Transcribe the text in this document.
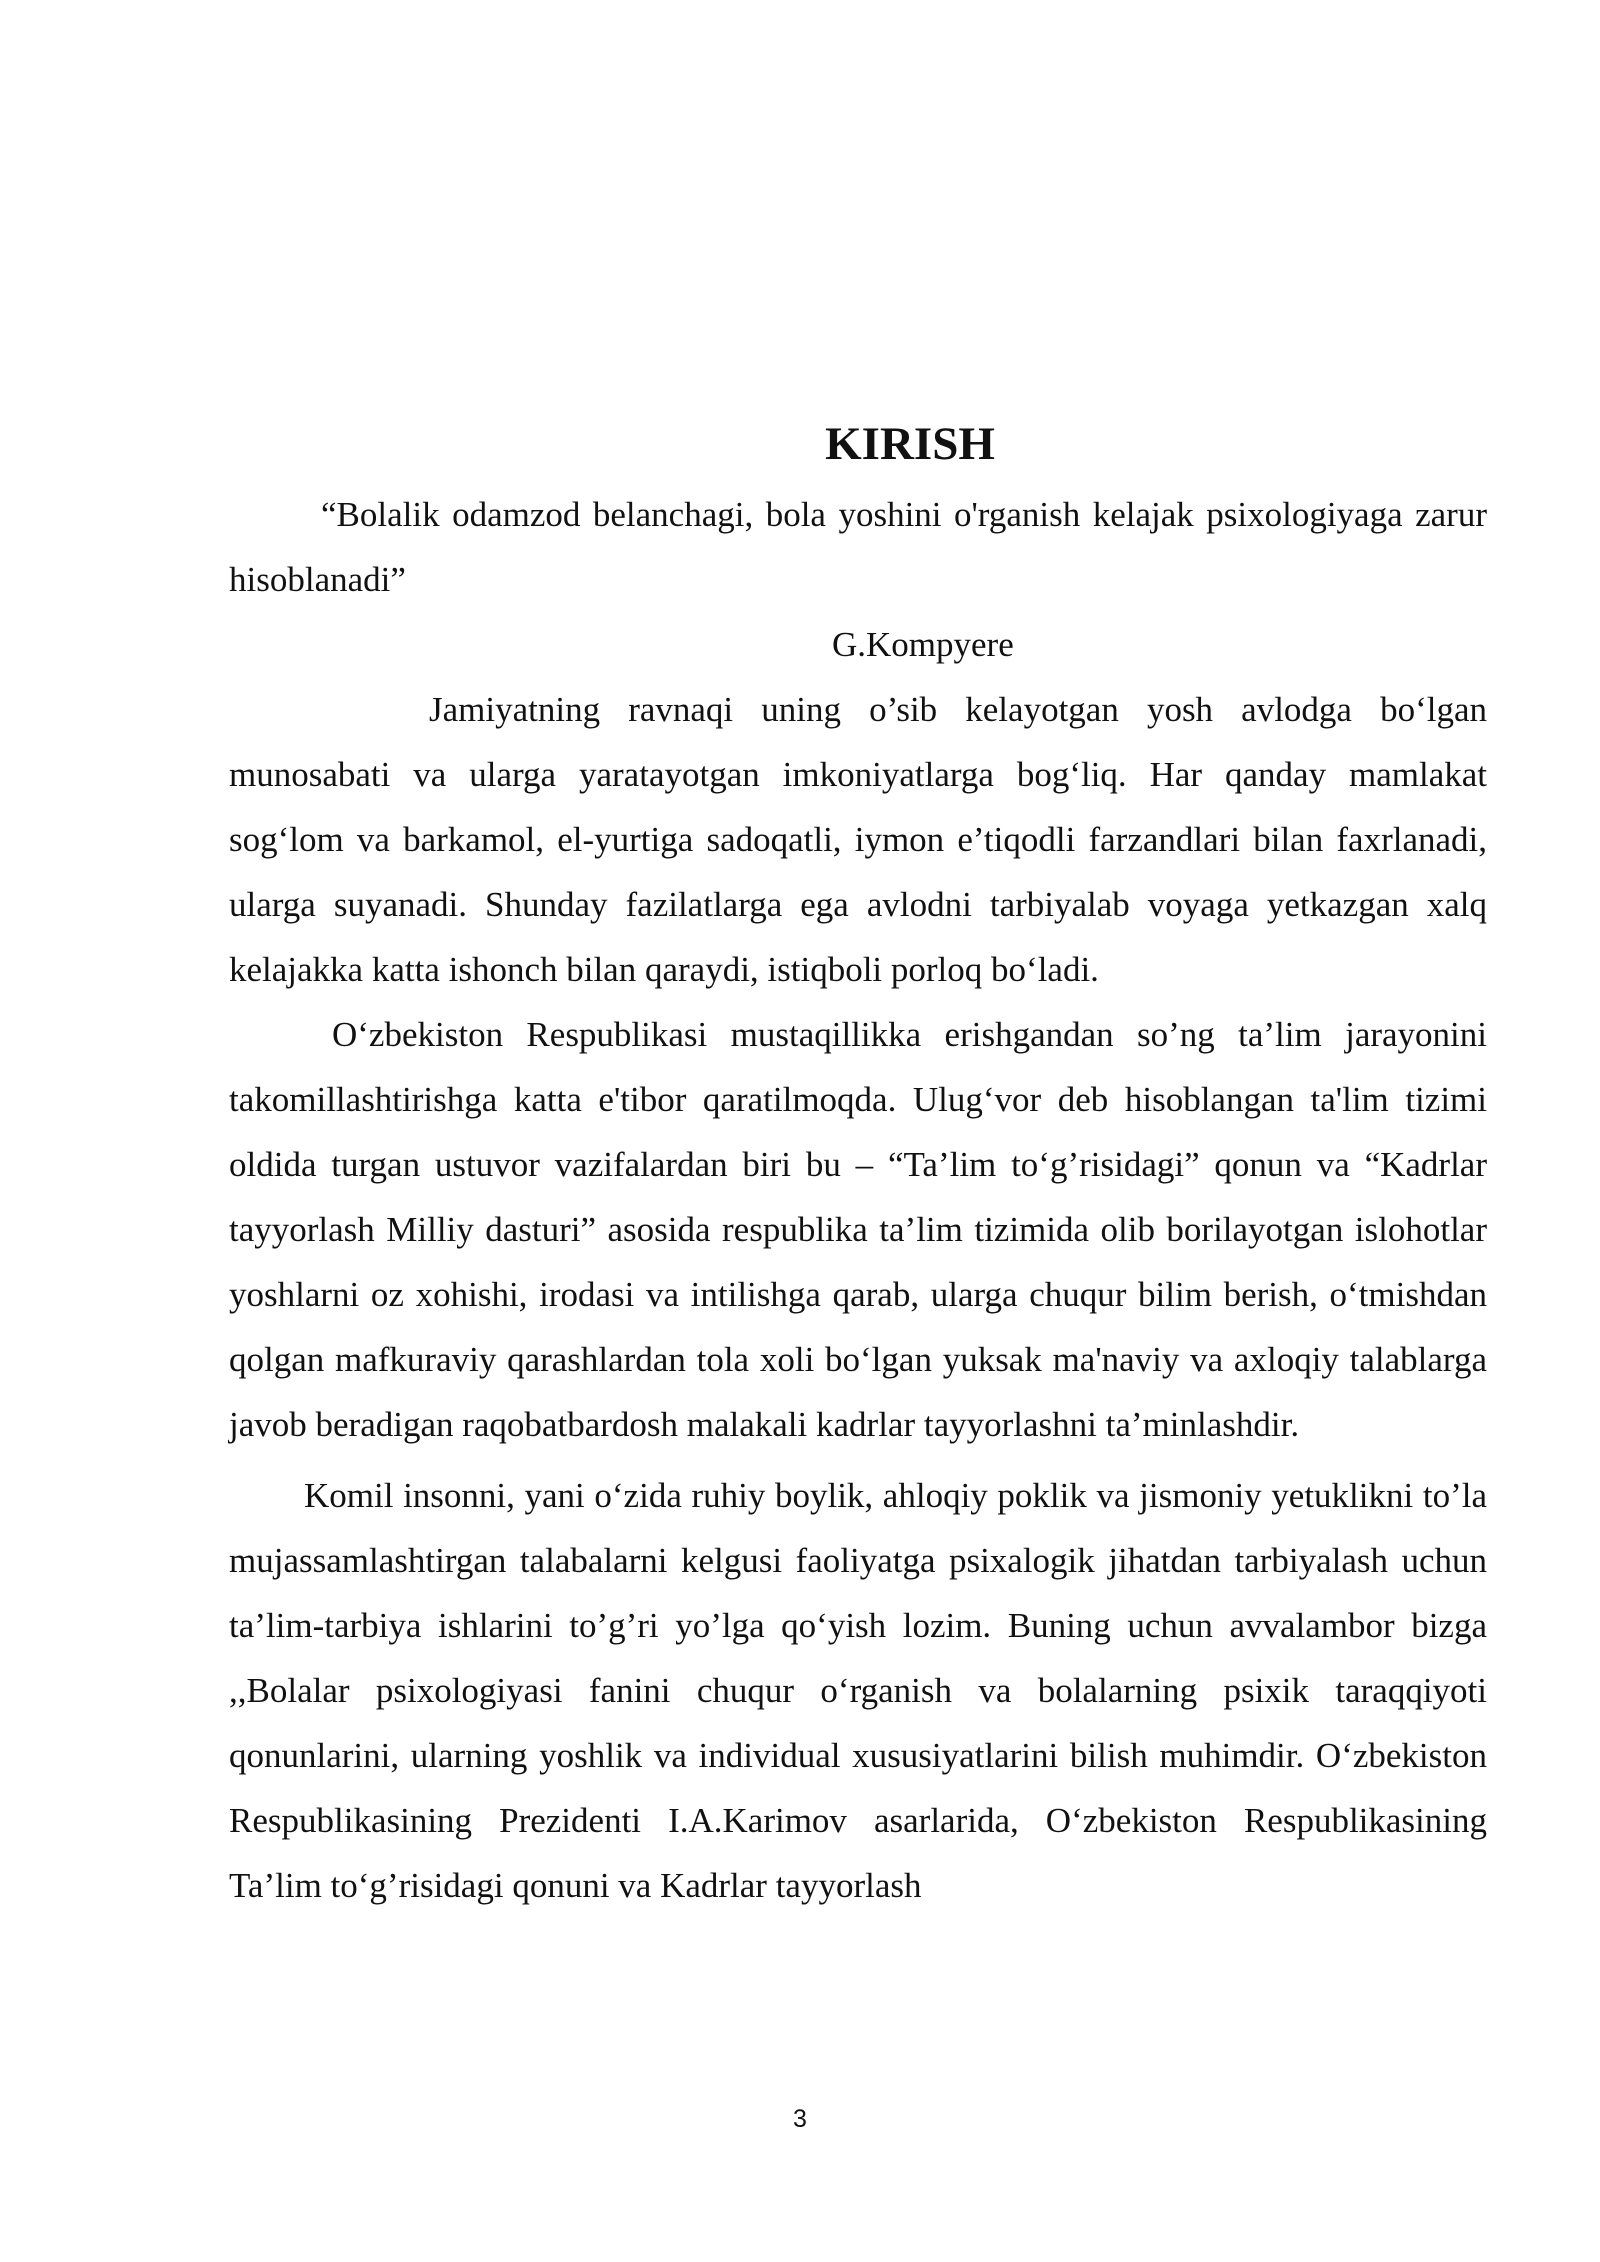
KIRISH

“Bolalik odamzod belanchagi, bola yoshini o'rganish kelajak psixologiyaga zarur hisoblanadi”

G.Kompyere

Jamiyatning ravnaqi uning o’sib kelayotgan yosh avlodga bo‘lgan munosabati va ularga yaratayotgan imkoniyatlarga bog‘liq. Har qanday mamlakat sog‘lom va barkamol, el-yurtiga sadoqatli, iymon e’tiqodli farzandlari bilan faxrlanadi, ularga suyanadi. Shunday fazilatlarga ega avlodni tarbiyalab voyaga yetkazgan xalq kelajakka katta ishonch bilan qaraydi, istiqboli porloq bo‘ladi.

O‘zbekiston Respublikasi mustaqillikka erishgandan so’ng ta’lim jarayonini takomillashtirishga katta e'tibor qaratilmoqda. Ulug‘vor deb hisoblangan ta'lim tizimi oldida turgan ustuvor vazifalardan biri bu – “Ta’lim to‘g’risidagi” qonun va “Kadrlar tayyorlash Milliy dasturi” asosida respublika ta’lim tizimida olib borilayotgan islohotlar yoshlarni oz xohishi, irodasi va intilishga qarab, ularga chuqur bilim berish, o‘tmishdan qolgan mafkuraviy qarashlardan tola xoli bo‘lgan yuksak ma'naviy va axloqiy talablarga javob beradigan raqobatbardosh malakali kadrlar tayyorlashni ta’minlashdir.

Komil insonni, yani o‘zida ruhiy boylik, ahloqiy poklik va jismoniy yetuklikni to’la mujassamlashtirgan talabalarni kelgusi faoliyatga psixalogik jihatdan tarbiyalash uchun ta’lim-tarbiya ishlarini to’g’ri yo’lga qo‘yish lozim. Buning uchun avvalambor bizga ,,Bolalar psixologiyasi fanini chuqur o‘rganish va bolalarning psixik taraqqiyoti qonunlarini, ularning yoshlik va individual xususiyatlarini bilish muhimdir. O‘zbekiston Respublikasining Prezidenti I.A.Karimov asarlarida, O‘zbekiston Respublikasining Ta’lim to‘g’risidagi qonuni va Kadrlar tayyorlash

3
